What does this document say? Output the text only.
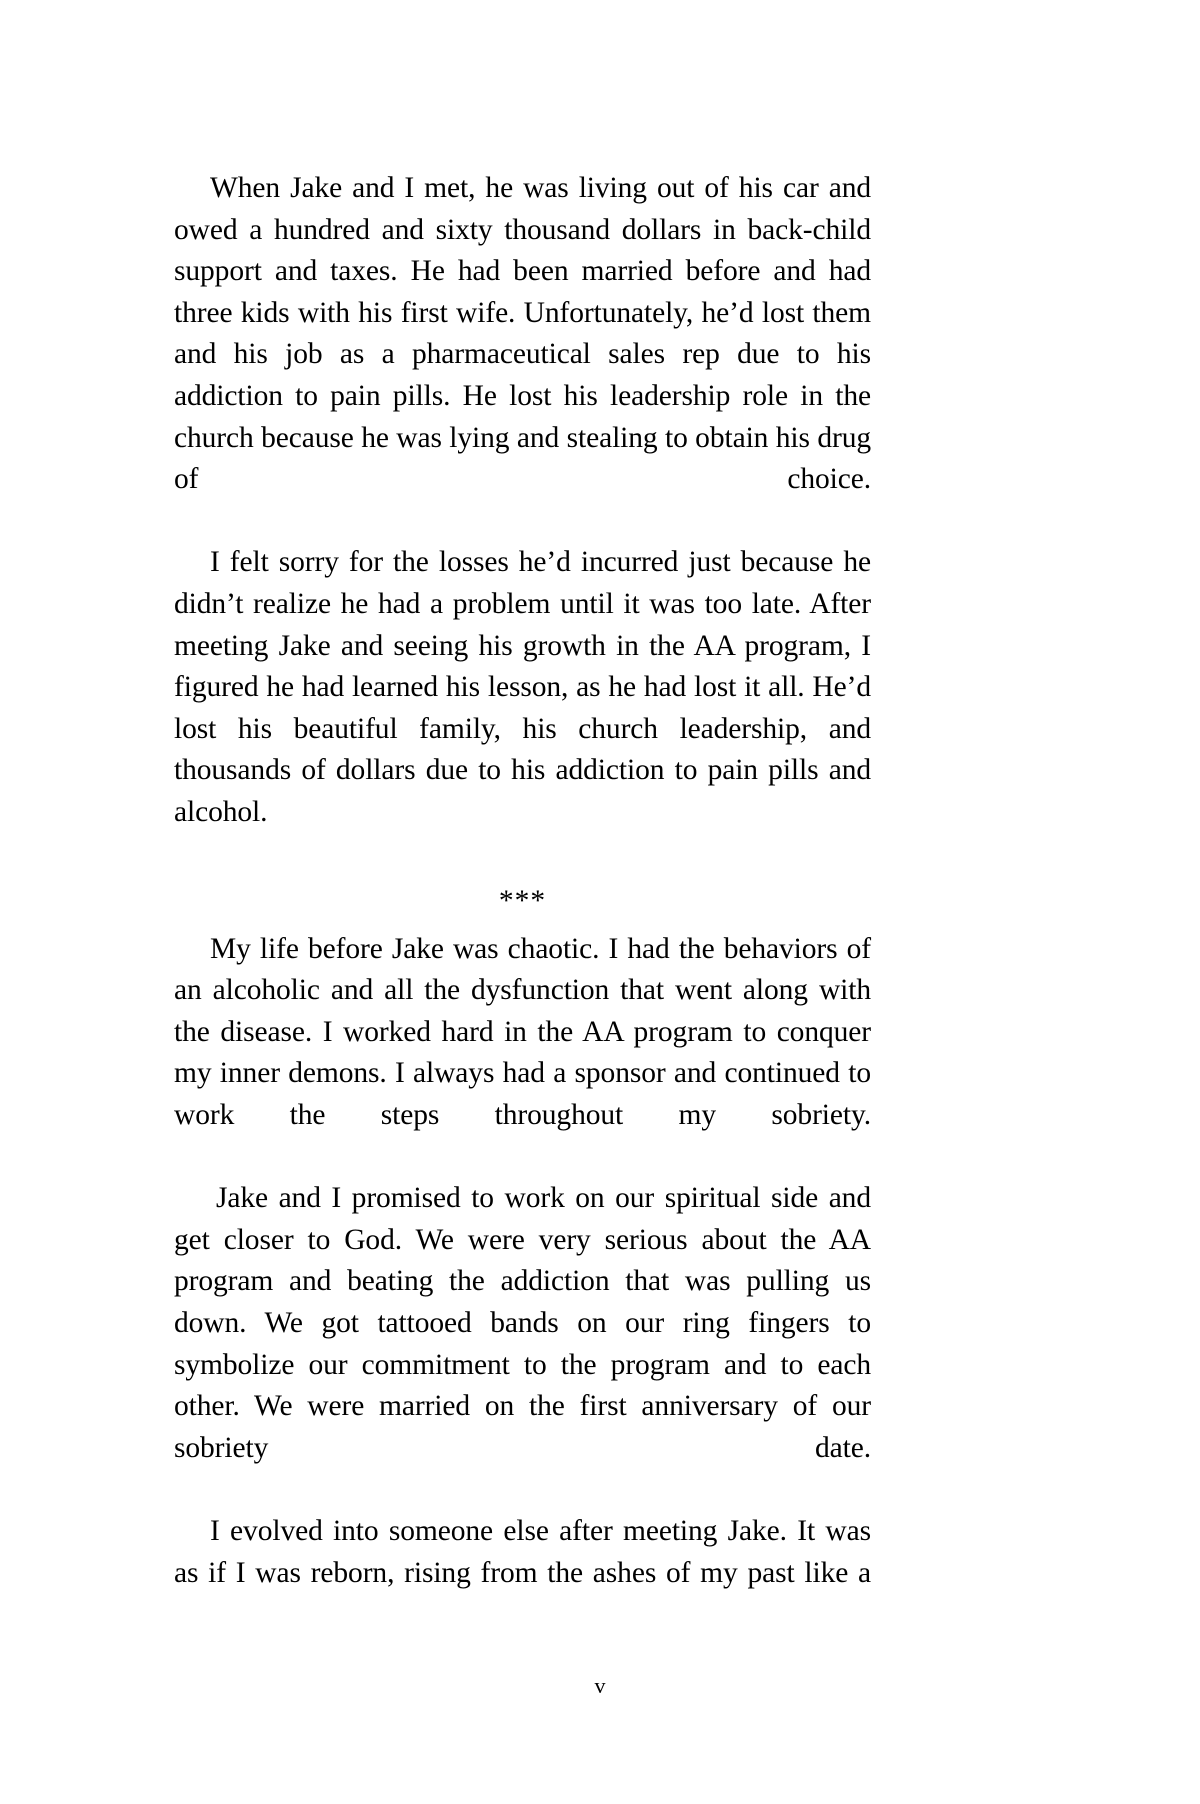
When Jake and I met, he was living out of his car and owed a hundred and sixty thousand dollars in back-child support and taxes. He had been married before and had three kids with his first wife. Unfortunately, he’d lost them and his job as a pharmaceutical sales rep due to his addiction to pain pills. He lost his leadership role in the church because he was lying and stealing to obtain his drug of choice.

I felt sorry for the losses he’d incurred just because he didn’t realize he had a problem until it was too late. After meeting Jake and seeing his growth in the AA program, I figured he had learned his lesson, as he had lost it all. He’d lost his beautiful family, his church leadership, and thousands of dollars due to his addiction to pain pills and alcohol.

***

My life before Jake was chaotic. I had the behaviors of an alcoholic and all the dysfunction that went along with the disease. I worked hard in the AA program to conquer my inner demons. I always had a sponsor and continued to work the steps throughout my sobriety.

Jake and I promised to work on our spiritual side and get closer to God. We were very serious about the AA program and beating the addiction that was pulling us down. We got tattooed bands on our ring fingers to symbolize our commitment to the program and to each other. We were married on the first anniversary of our sobriety date.

I evolved into someone else after meeting Jake. It was as if I was reborn, rising from the ashes of my past like a

v
